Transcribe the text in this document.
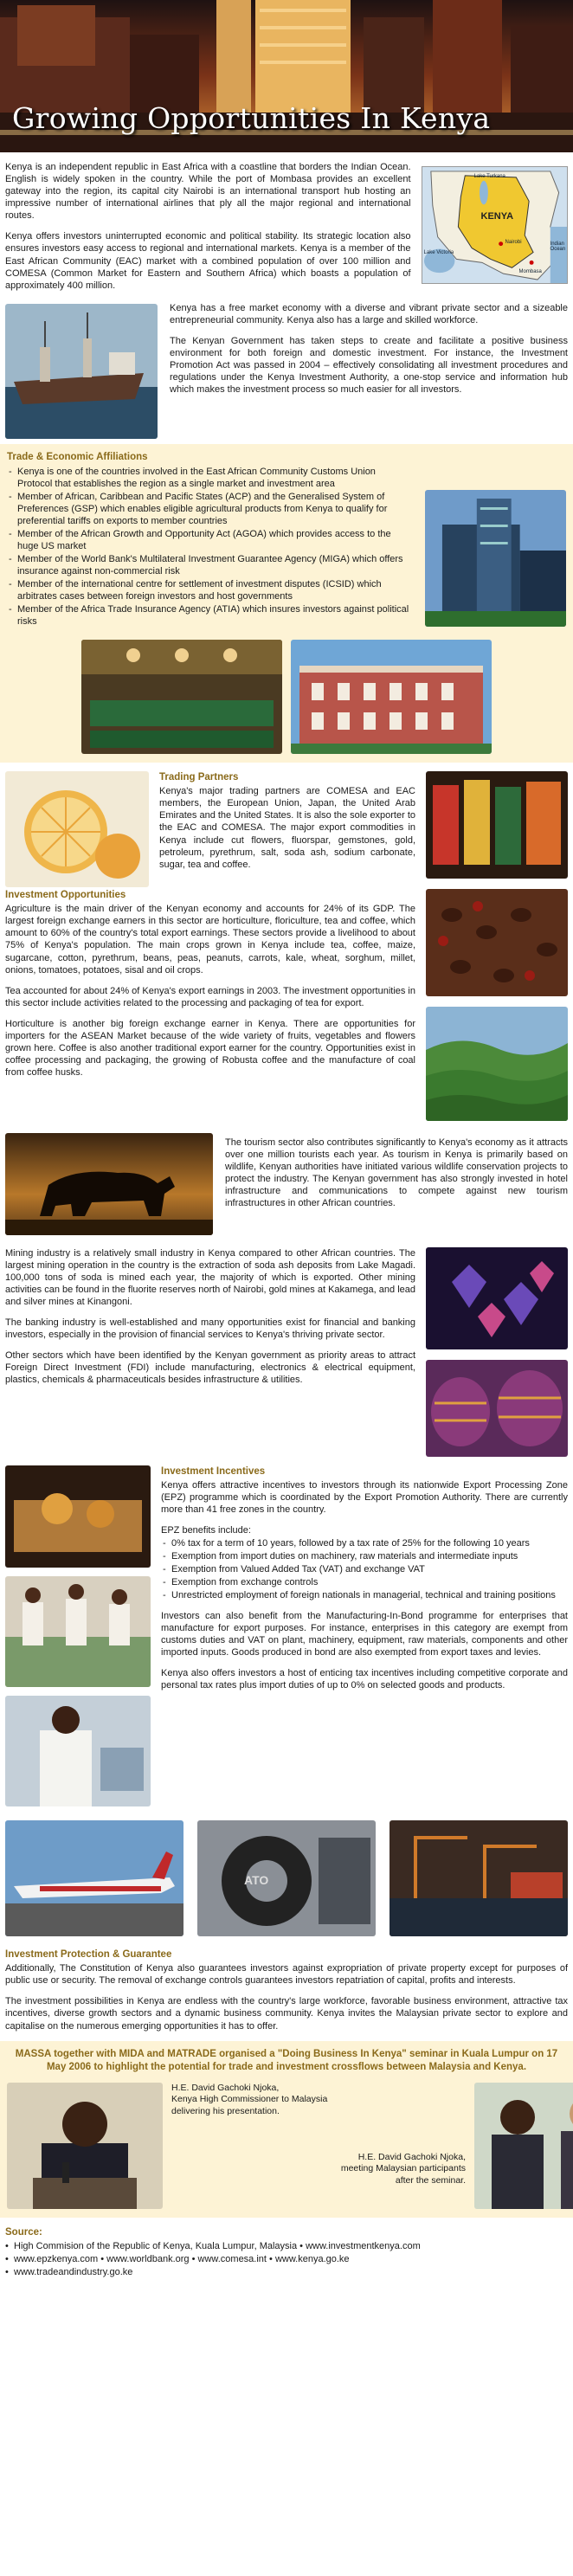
Growing Opportunities In Kenya

Kenya is an independent republic in East Africa with a coastline that borders the Indian Ocean. English is widely spoken in the country. While the port of Mombasa provides an excellent gateway into the region, its capital city Nairobi is an international transport hub hosting an impressive number of international airlines that ply all the major regional and international routes.

Kenya offers investors uninterrupted economic and political stability. Its strategic location also ensures investors easy access to regional and international markets. Kenya is a member of the East African Community (EAC) market with a combined population of over 100 million and COMESA (Common Market for Eastern and Southern Africa) which boasts a population of approximately 400 million.

KENYA
Lake Turkana
Lake Victoria
Nairobi
Mombasa
Indian Ocean

Kenya has a free market economy with a diverse and vibrant private sector and a sizeable entrepreneurial community. Kenya also has a large and skilled workforce.

The Kenyan Government has taken steps to create and facilitate a positive business environment for both foreign and domestic investment. For instance, the Investment Promotion Act was passed in 2004 – effectively consolidating all investment procedures and regulations under the Kenya Investment Authority, a one-stop service and information hub which makes the investment process so much easier for all investors.

Trade & Economic Affiliations
- Kenya is one of the countries involved in the East African Community Customs Union Protocol that establishes the region as a single market and investment area
- Member of African, Caribbean and Pacific States (ACP) and the Generalised System of Preferences (GSP) which enables eligible agricultural products from Kenya to qualify for preferential tariffs on exports to member countries
- Member of the African Growth and Opportunity Act (AGOA) which provides access to the huge US market
- Member of the World Bank's Multilateral Investment Guarantee Agency (MIGA) which offers insurance against non-commercial risk
- Member of the international centre for settlement of investment disputes (ICSID) which arbitrates cases between foreign investors and host governments
- Member of the Africa Trade Insurance Agency (ATIA) which insures investors against political risks
Trading Partners

Kenya's major trading partners are COMESA and EAC members, the European Union, Japan, the United Arab Emirates and the United States. It is also the sole exporter to the EAC and COMESA. The major export commodities in Kenya include cut flowers, fluorspar, gemstones, gold, petroleum, pyrethrum, salt, soda ash, sodium carbonate, sugar, tea and coffee.

Investment Opportunities

Agriculture is the main driver of the Kenyan economy and accounts for 24% of its GDP. The largest foreign exchange earners in this sector are horticulture, floriculture, tea and coffee, which amount to 60% of the country's total export earnings. These sectors provide a livelihood to about 75% of Kenya's population. The main crops grown in Kenya include tea, coffee, maize, sugarcane, cotton, pyrethrum, beans, peas, peanuts, carrots, kale, wheat, sorghum, millet, onions, tomatoes, potatoes, sisal and oil crops.

Tea accounted for about 24% of Kenya's export earnings in 2003. The investment opportunities in this sector include activities related to the processing and packaging of tea for export.

Horticulture is another big foreign exchange earner in Kenya. There are opportunities for importers for the ASEAN Market because of the wide variety of fruits, vegetables and flowers grown here. Coffee is also another traditional export earner for the country. Opportunities exist in coffee processing and packaging, the growing of Robusta coffee and the manufacture of coal from coffee husks.

The tourism sector also contributes significantly to Kenya's economy as it attracts over one million tourists each year. As tourism in Kenya is primarily based on wildlife, Kenyan authorities have initiated various wildlife conservation projects to protect the industry. The Kenyan government has also strongly invested in hotel infrastructure and communications to compete against new tourism infrastructures in other African countries.

Mining industry is a relatively small industry in Kenya compared to other African countries. The largest mining operation in the country is the extraction of soda ash deposits from Lake Magadi. 100,000 tons of soda is mined each year, the majority of which is exported. Other mining activities can be found in the fluorite reserves north of Nairobi, gold mines at Kakamega, and lead and silver mines at Kinangoni.

The banking industry is well-established and many opportunities exist for financial and banking investors, especially in the provision of financial services to Kenya's thriving private sector.

Other sectors which have been identified by the Kenyan government as priority areas to attract Foreign Direct Investment (FDI) include manufacturing, electronics & electrical equipment, plastics, chemicals & pharmaceuticals besides infrastructure & utilities.

Investment Incentives

Kenya offers attractive incentives to investors through its nationwide Export Processing Zone (EPZ) programme which is coordinated by the Export Promotion Authority. There are currently more than 41 free zones in the country.

EPZ benefits include:
- 0% tax for a term of 10 years, followed by a tax rate of 25% for the following 10 years
- Exemption from import duties on machinery, raw materials and intermediate inputs
- Exemption from Valued Added Tax (VAT) and exchange VAT
- Exemption from exchange controls
- Unrestricted employment of foreign nationals in managerial, technical and training positions

Investors can also benefit from the Manufacturing-In-Bond programme for enterprises that manufacture for export purposes. For instance, enterprises in this category are exempt from customs duties and VAT on plant, machinery, equipment, raw materials, components and other imported inputs. Goods produced in bond are also exempted from export taxes and levies.

Kenya also offers investors a host of enticing tax incentives including competitive corporate and personal tax rates plus import duties of up to 0% on selected goods and products.

ATO
Investment Protection & Guarantee

Additionally, The Constitution of Kenya also guarantees investors against expropriation of private property except for purposes of public use or security. The removal of exchange controls guarantees investors repatriation of capital, profits and interests.

The investment possibilities in Kenya are endless with the country's large workforce, favorable business environment, attractive tax incentives, diverse growth sectors and a dynamic business community. Kenya invites the Malaysian private sector to explore and capitalise on the numerous emerging opportunities it has to offer.

MASSA together with MIDA and MATRADE organised a "Doing Business In Kenya" seminar in Kuala Lumpur on 17 May 2006 to highlight the potential for trade and investment crossflows between Malaysia and Kenya.
H.E. David Gachoki Njoka,
Kenya High Commissioner to Malaysia
delivering his presentation.
H.E. David Gachoki Njoka,
meeting Malaysian participants
after the seminar.
Source:
• High Commision of the Republic of Kenya, Kuala Lumpur, Malaysia • www.investmentkenya.com
• www.epzkenya.com • www.worldbank.org • www.comesa.int • www.kenya.go.ke
• www.tradeandindustry.go.ke
